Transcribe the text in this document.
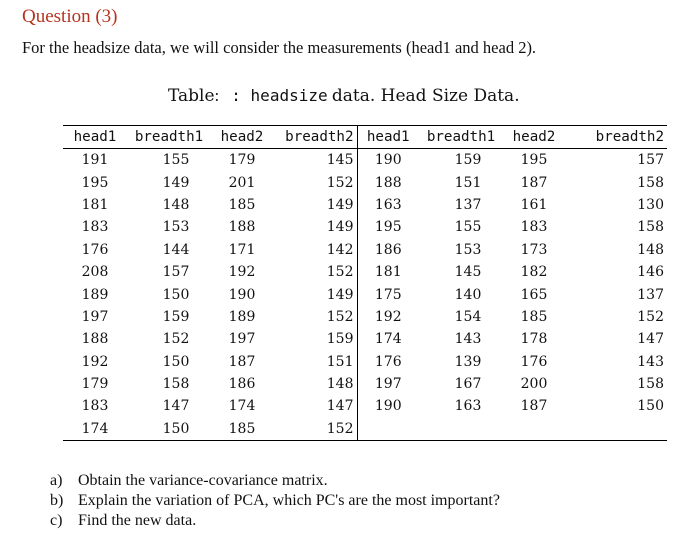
Question (3)
For the headsize data, we will consider the measurements (head1 and head 2).
Table: : headsize data. Head Size Data.
head1	breadth1	head2	breadth2	head1	breadth1	head2	breadth2
191	155	179	145	190	159	195	157
195	149	201	152	188	151	187	158
181	148	185	149	163	137	161	130
183	153	188	149	195	155	183	158
176	144	171	142	186	153	173	148
208	157	192	152	181	145	182	146
189	150	190	149	175	140	165	137
197	159	189	152	192	154	185	152
188	152	197	159	174	143	178	147
192	150	187	151	176	139	176	143
179	158	186	148	197	167	200	158
183	147	174	147	190	163	187	150
174	150	185	152				
a) Obtain the variance-covariance matrix.
b) Explain the variation of PCA, which PC's are the most important?
c) Find the new data.
